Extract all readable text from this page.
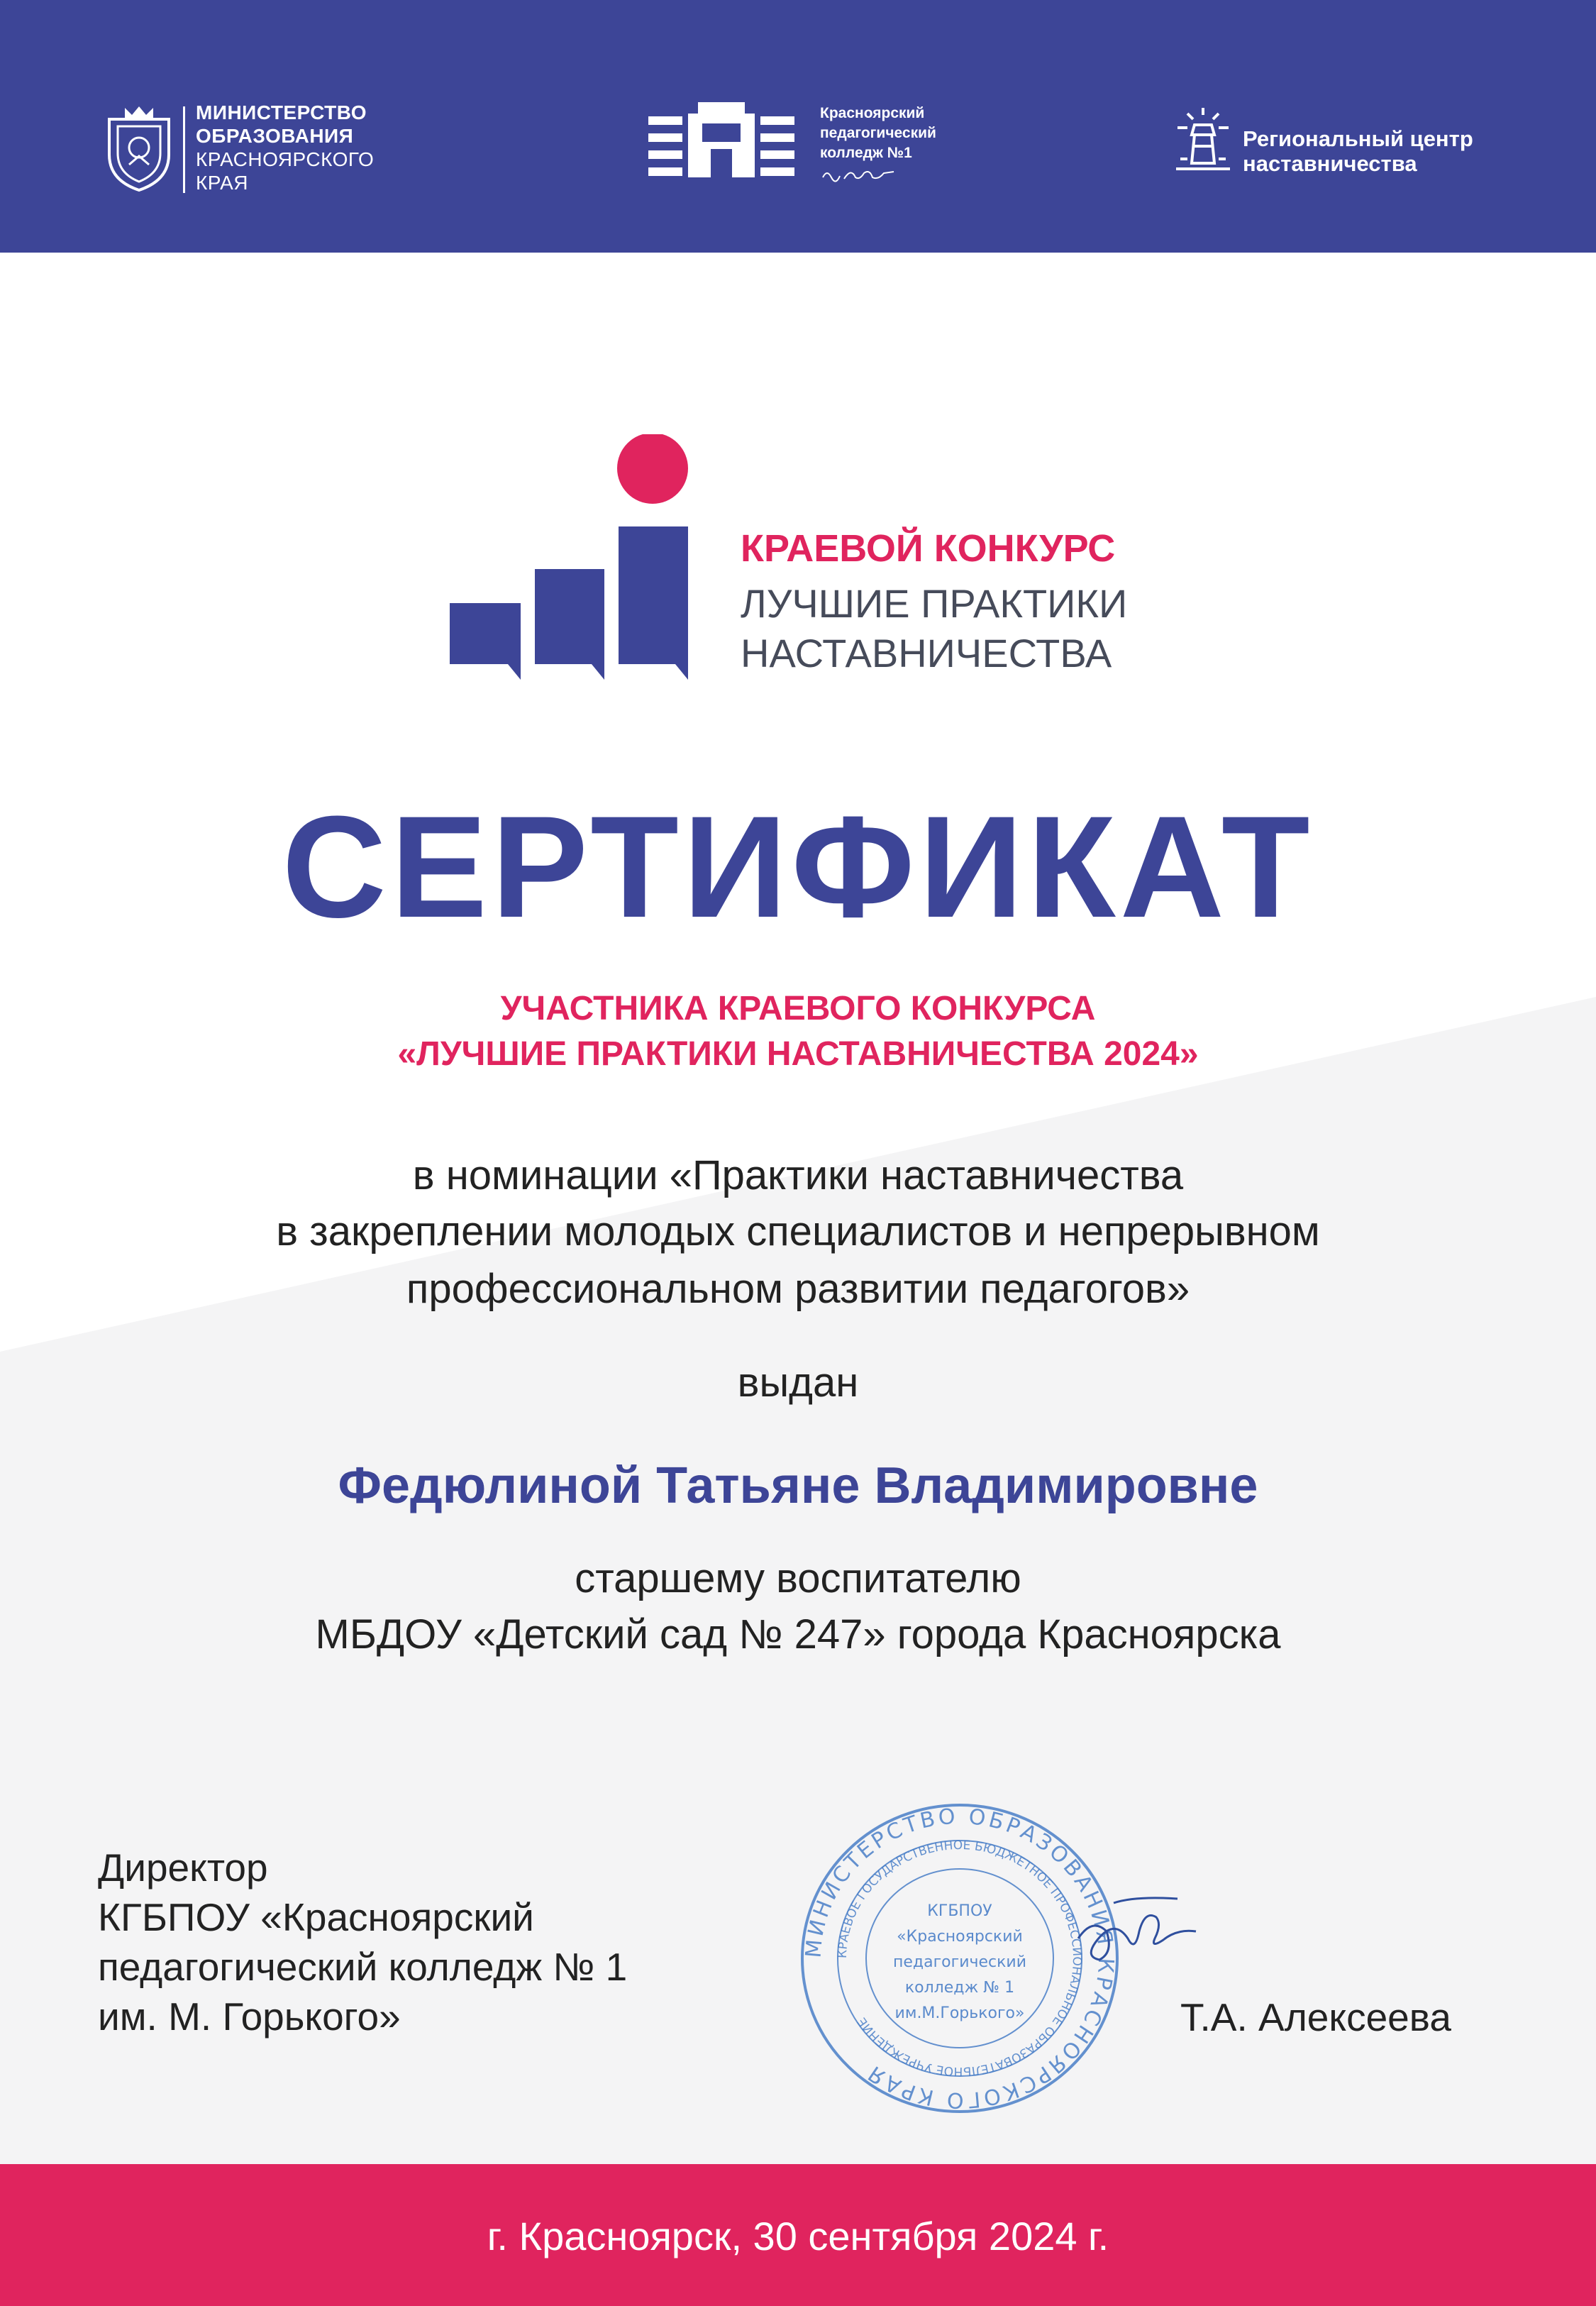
МИНИСТЕРСТВО
ОБРАЗОВАНИЯ
КРАСНОЯРСКОГО
КРАЯ
Красноярский
педагогический
колледж №1
Региональный центр
наставничества
КРАЕВОЙ КОНКУРС
ЛУЧШИЕ ПРАКТИКИ
НАСТАВНИЧЕСТВА
СЕРТИФИКАТ
УЧАСТНИКА КРАЕВОГО КОНКУРСА
«ЛУЧШИЕ ПРАКТИКИ НАСТАВНИЧЕСТВА 2024»
в номинации «Практики наставничества
в закреплении молодых специалистов и непрерывном
профессиональном развитии педагогов»
выдан
Федюлиной Татьяне Владимировне
старшему воспитателю
МБДОУ «Детский сад № 247» города Красноярска
Директор
КГБПОУ «Красноярский
педагогический колледж № 1
им. М. Горького»
МИНИСТЕРСТВО ОБРАЗОВАНИЯ КРАСНОЯРСКОГО КРАЯ
КРАЕВОЕ ГОСУДАРСТВЕННОЕ БЮДЖЕТНОЕ ПРОФЕССИОНАЛЬНОЕ ОБРАЗОВАТЕЛЬНОЕ УЧРЕЖДЕНИЕ
КГБПОУ
«Красноярский
педагогический
колледж № 1
им.М.Горького»	Т.А. Алексеева
г. Красноярск, 30 сентября 2024 г.
